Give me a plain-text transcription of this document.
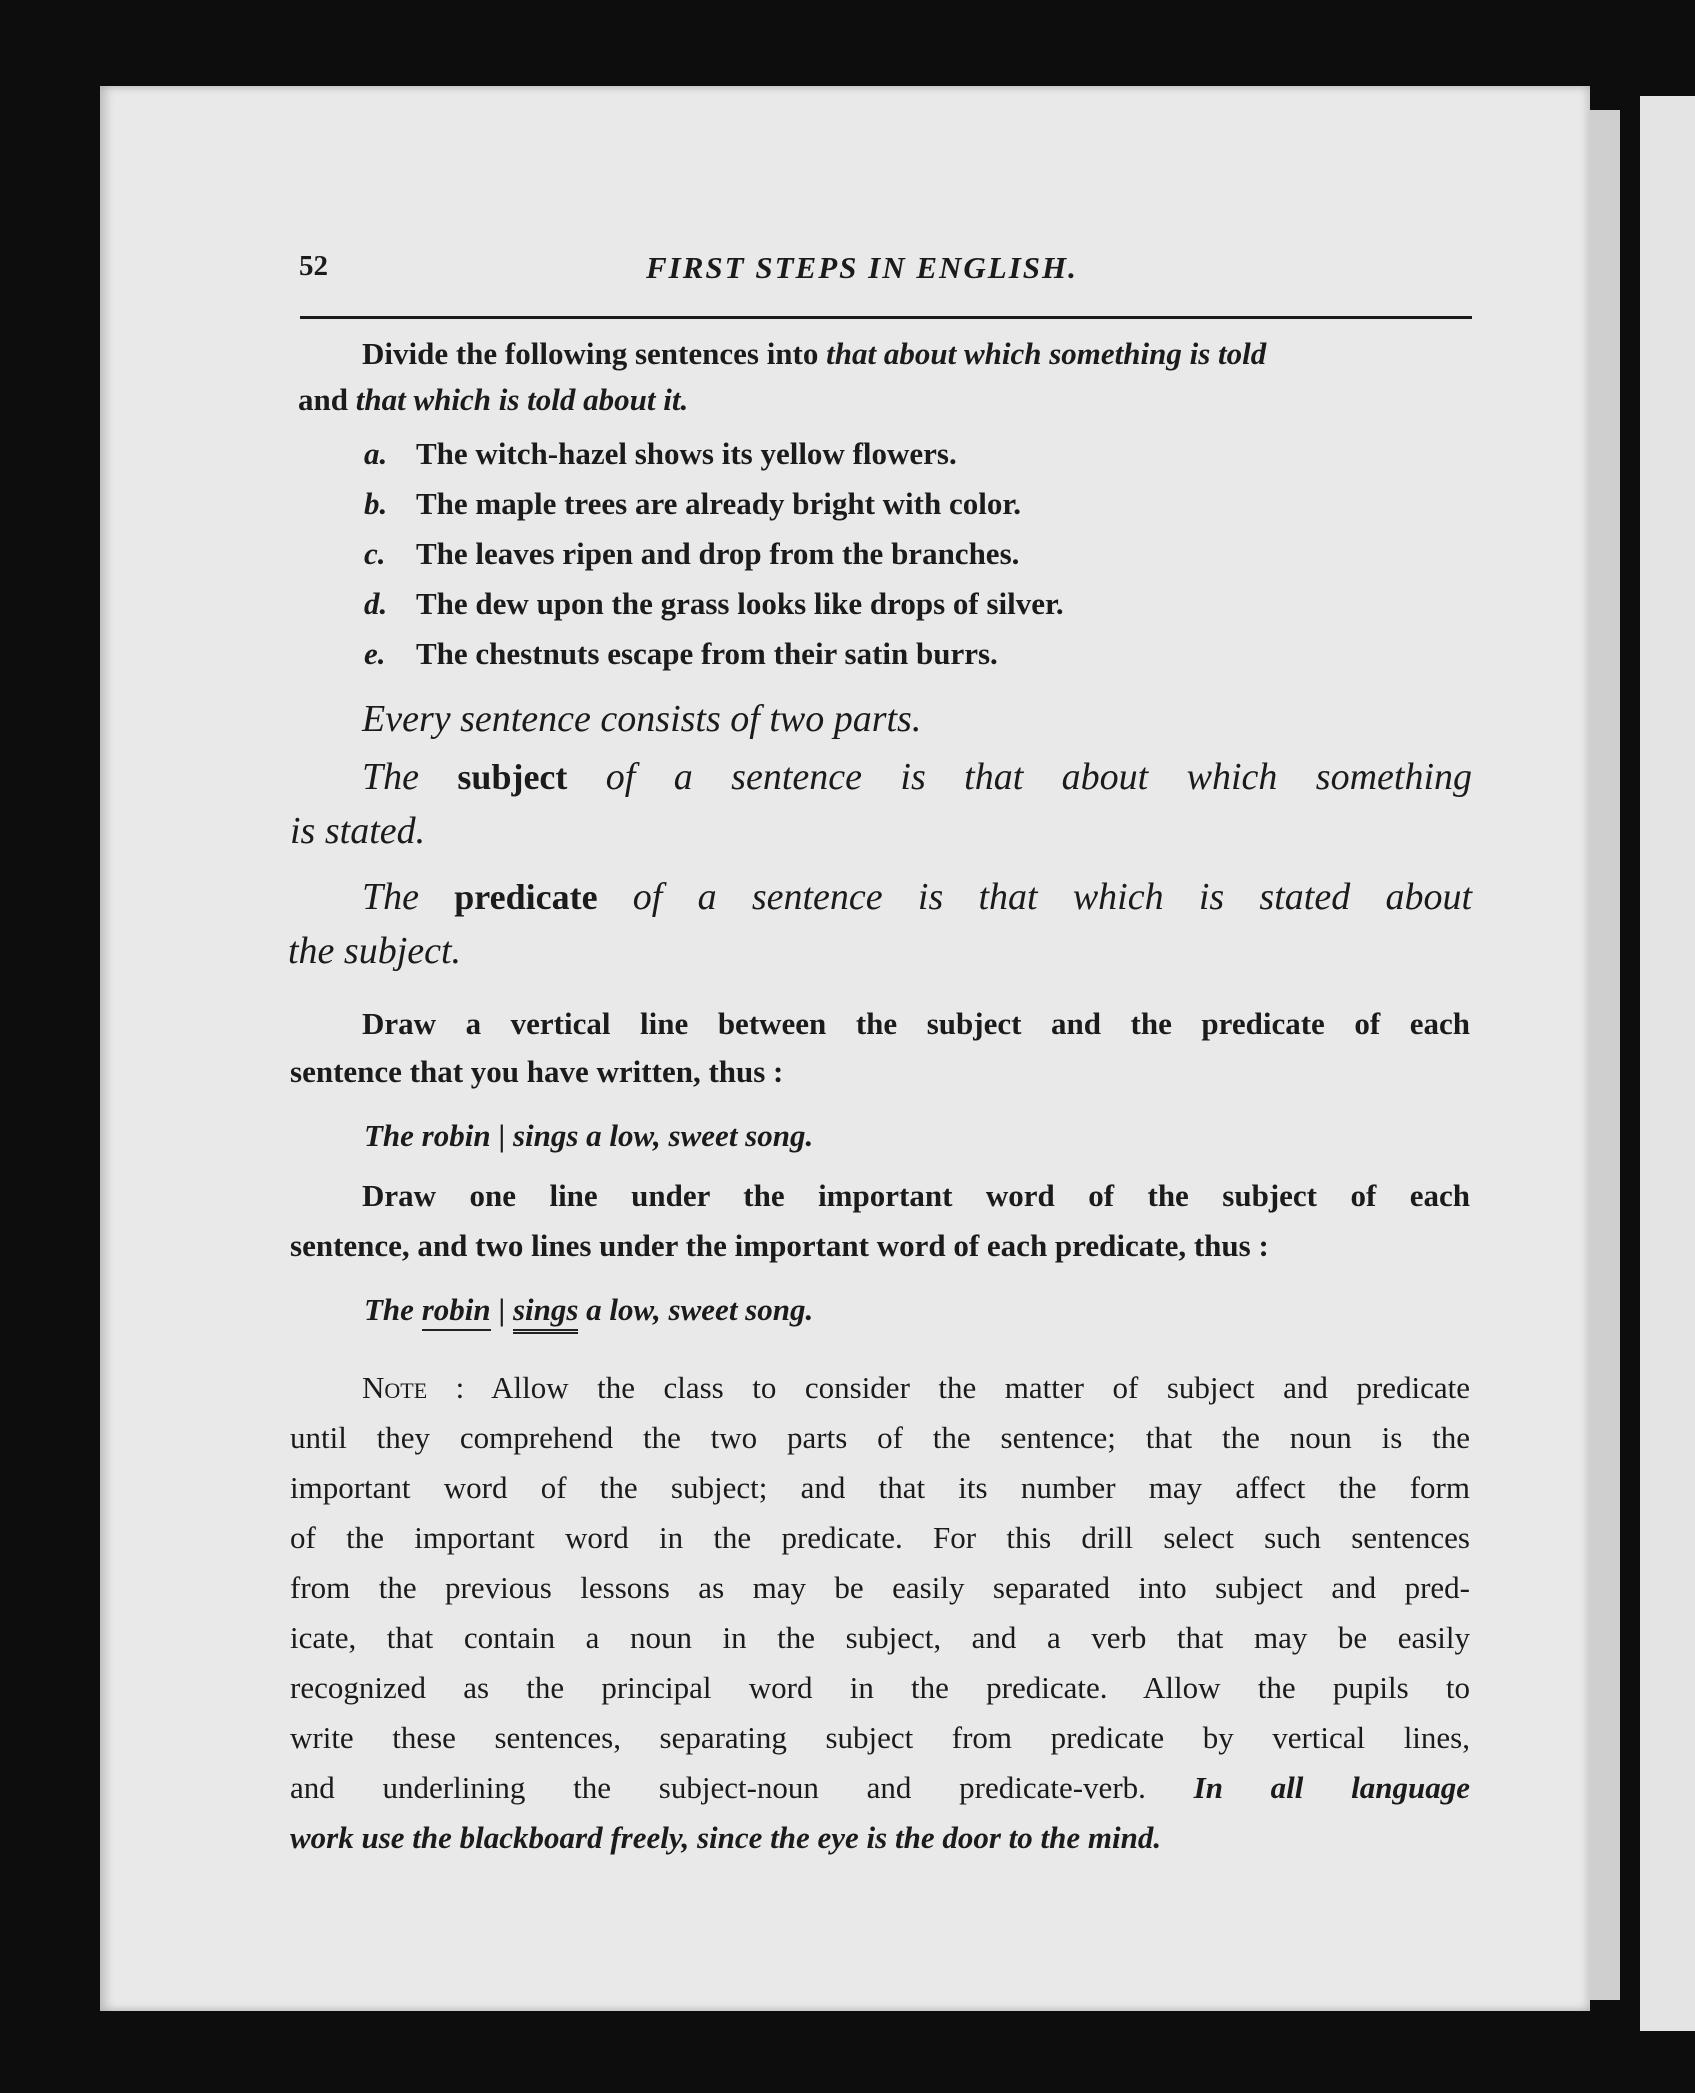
52	FIRST STEPS IN ENGLISH.
Divide the following sentences into that about which something is told
and that which is told about it.
a. The witch-hazel shows its yellow flowers.
b. The maple trees are already bright with color.
c. The leaves ripen and drop from the branches.
d. The dew upon the grass looks like drops of silver.
e. The chestnuts escape from their satin burrs.
Every sentence consists of two parts.
The subject of a sentence is that about which something
is stated.
The predicate of a sentence is that which is stated about
the subject.
Draw a vertical line between the subject and the predicate of each
sentence that you have written, thus :
The robin | sings a low, sweet song.
Draw one line under the important word of the subject of each
sentence, and two lines under the important word of each predicate, thus :
The robin | sings a low, sweet song.
Note : Allow the class to consider the matter of subject and predicate
until they comprehend the two parts of the sentence; that the noun is the
important word of the subject; and that its number may affect the form
of the important word in the predicate. For this drill select such sentences
from the previous lessons as may be easily separated into subject and pred-
icate, that contain a noun in the subject, and a verb that may be easily
recognized as the principal word in the predicate. Allow the pupils to
write these sentences, separating subject from predicate by vertical lines,
and underlining the subject-noun and predicate-verb. In all language
work use the blackboard freely, since the eye is the door to the mind.
